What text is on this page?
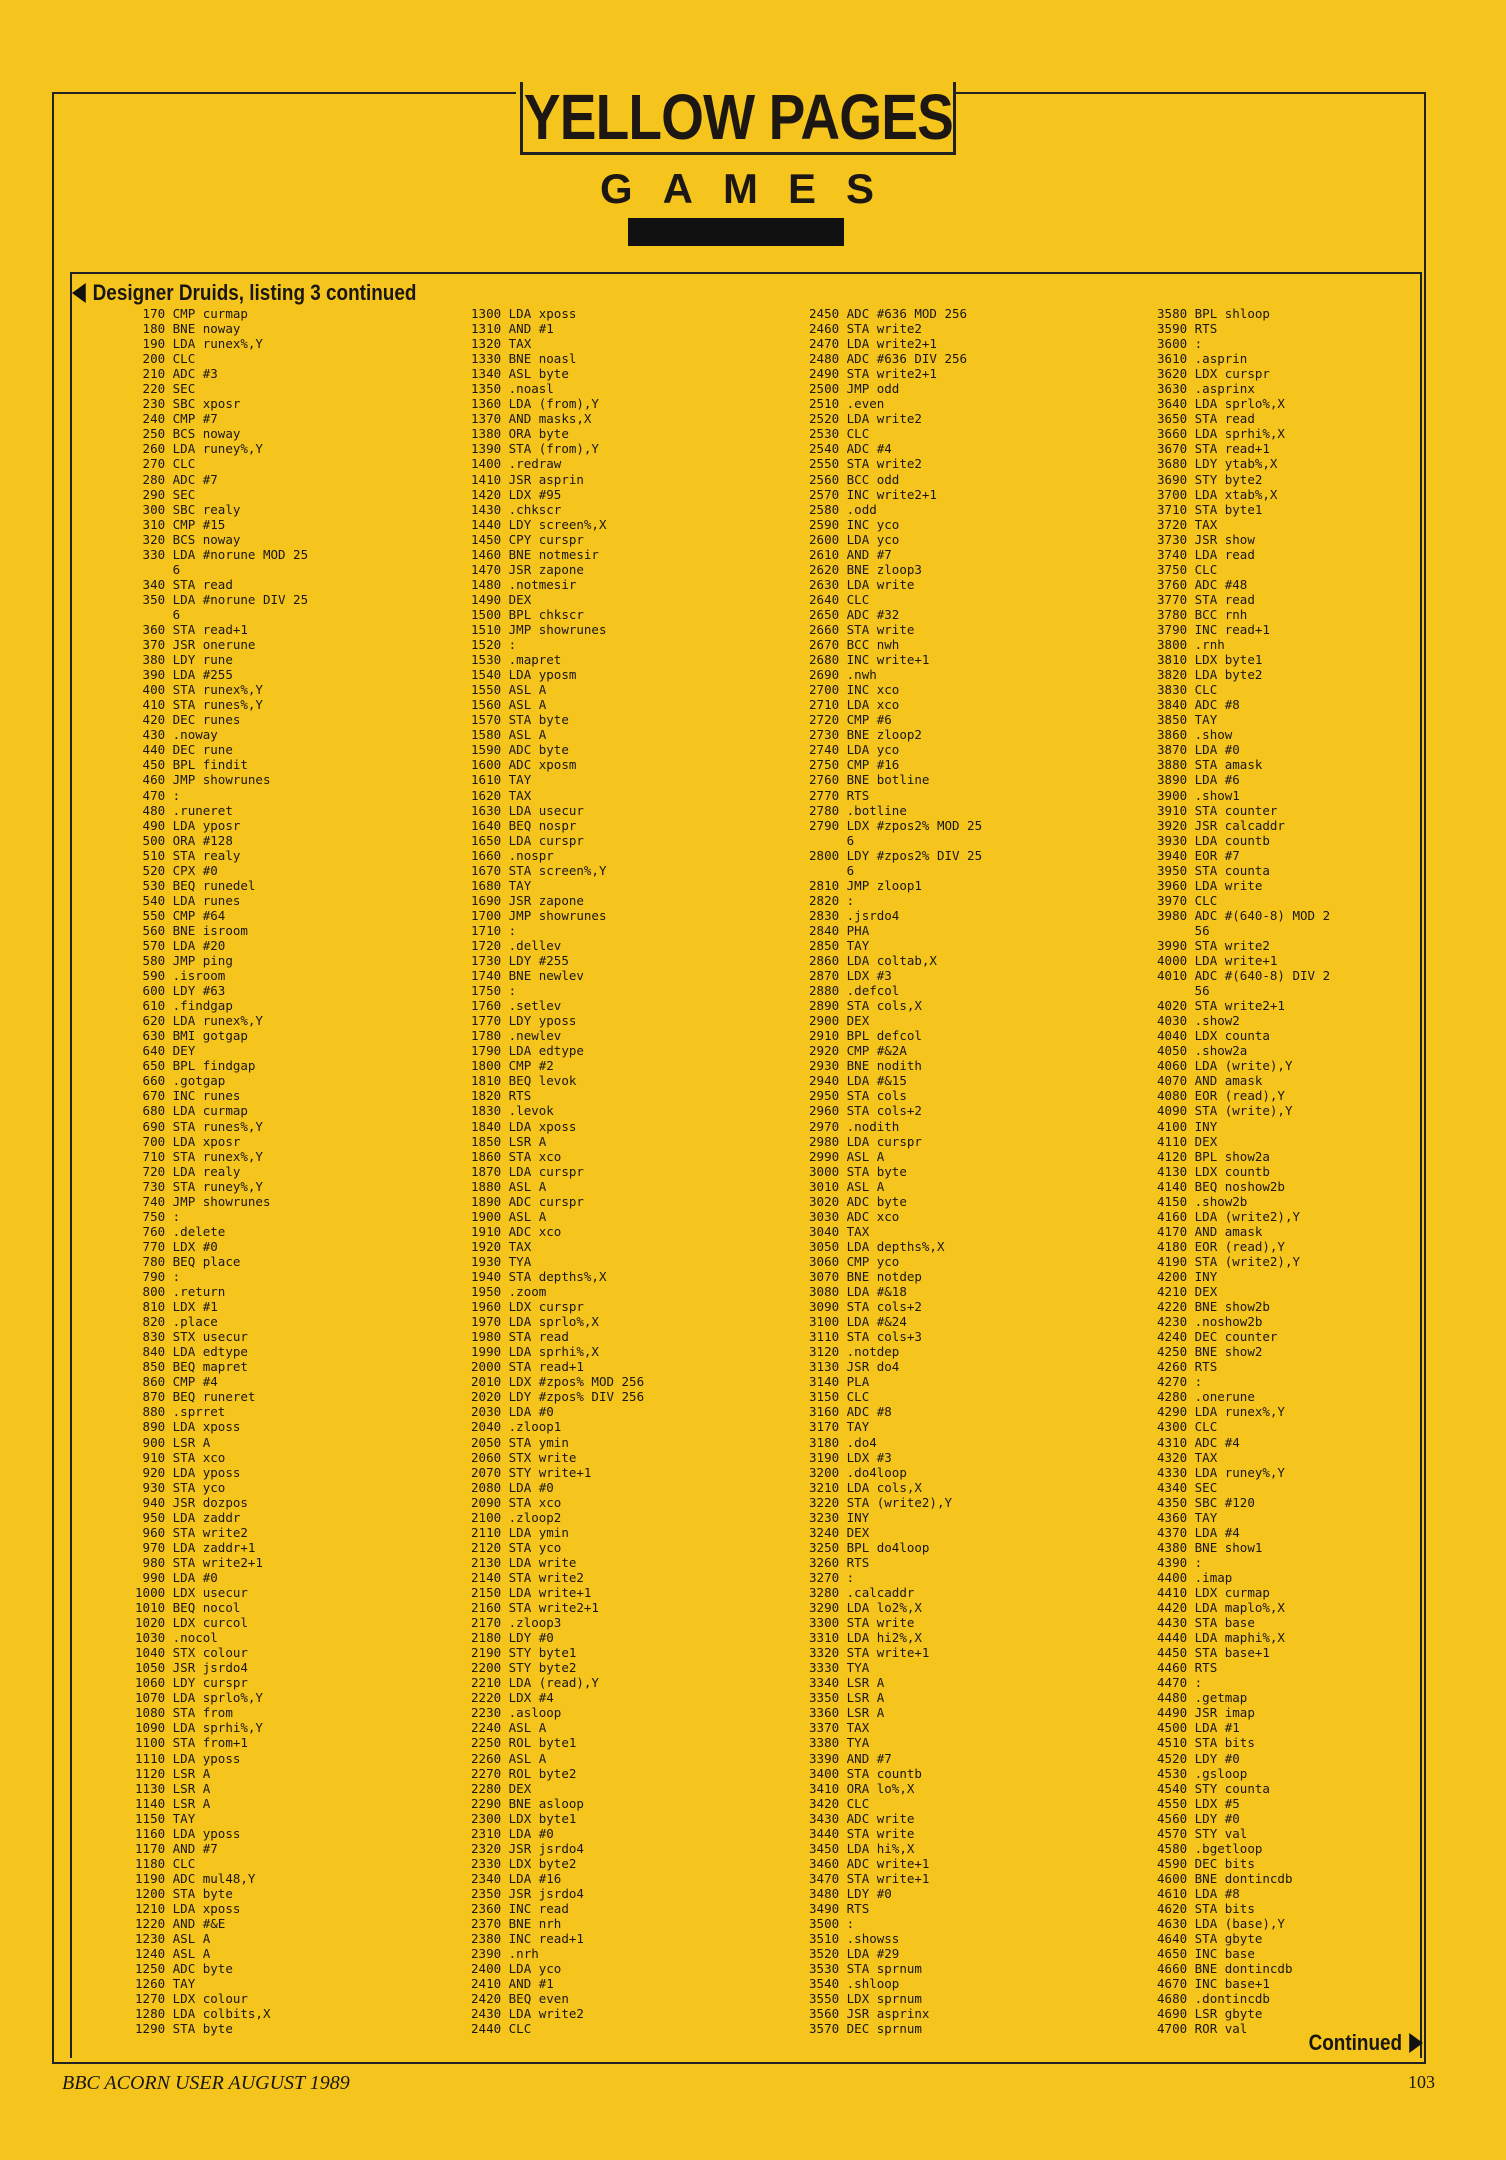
YELLOW PAGES
GAMES
Designer Druids, listing 3 continued
170 CMP curmap
180 BNE noway
190 LDA runex%,Y
200 CLC
210 ADC #3
220 SEC
230 SBC xposr
240 CMP #7
250 BCS noway
260 LDA runey%,Y
270 CLC
280 ADC #7
290 SEC
300 SBC realy
310 CMP #15
320 BCS noway
330 LDA #norune MOD 25
6
340 STA read
350 LDA #norune DIV 25
6
360 STA read+1
370 JSR onerune
380 LDY rune
390 LDA #255
400 STA runex%,Y
410 STA runes%,Y
420 DEC runes
430 .noway
440 DEC rune
450 BPL findit
460 JMP showrunes
470 :
480 .runeret
490 LDA yposr
500 ORA #128
510 STA realy
520 CPX #0
530 BEQ runedel
540 LDA runes
550 CMP #64
560 BNE isroom
570 LDA #20
580 JMP ping
590 .isroom
600 LDY #63
610 .findgap
620 LDA runex%,Y
630 BMI gotgap
640 DEY
650 BPL findgap
660 .gotgap
670 INC runes
680 LDA curmap
690 STA runes%,Y
700 LDA xposr
710 STA runex%,Y
720 LDA realy
730 STA runey%,Y
740 JMP showrunes
750 :
760 .delete
770 LDX #0
780 BEQ place
790 :
800 .return
810 LDX #1
820 .place
830 STX usecur
840 LDA edtype
850 BEQ mapret
860 CMP #4
870 BEQ runeret
880 .sprret
890 LDA xposs
900 LSR A
910 STA xco
920 LDA yposs
930 STA yco
940 JSR dozpos
950 LDA zaddr
960 STA write2
970 LDA zaddr+1
980 STA write2+1
990 LDA #0
1000 LDX usecur
1010 BEQ nocol
1020 LDX curcol
1030 .nocol
1040 STX colour
1050 JSR jsrdo4
1060 LDY curspr
1070 LDA sprlo%,Y
1080 STA from
1090 LDA sprhi%,Y
1100 STA from+1
1110 LDA yposs
1120 LSR A
1130 LSR A
1140 LSR A
1150 TAY
1160 LDA yposs
1170 AND #7
1180 CLC
1190 ADC mul48,Y
1200 STA byte
1210 LDA xposs
1220 AND #&E
1230 ASL A
1240 ASL A
1250 ADC byte
1260 TAY
1270 LDX colour
1280 LDA colbits,X
1290 STA byte
1300 LDA xposs
1310 AND #1
1320 TAX
1330 BNE noasl
1340 ASL byte
1350 .noasl
1360 LDA (from),Y
1370 AND masks,X
1380 ORA byte
1390 STA (from),Y
1400 .redraw
1410 JSR asprin
1420 LDX #95
1430 .chkscr
1440 LDY screen%,X
1450 CPY curspr
1460 BNE notmesir
1470 JSR zapone
1480 .notmesir
1490 DEX
1500 BPL chkscr
1510 JMP showrunes
1520 :
1530 .mapret
1540 LDA yposm
1550 ASL A
1560 ASL A
1570 STA byte
1580 ASL A
1590 ADC byte
1600 ADC xposm
1610 TAY
1620 TAX
1630 LDA usecur
1640 BEQ nospr
1650 LDA curspr
1660 .nospr
1670 STA screen%,Y
1680 TAY
1690 JSR zapone
1700 JMP showrunes
1710 :
1720 .dellev
1730 LDY #255
1740 BNE newlev
1750 :
1760 .setlev
1770 LDY yposs
1780 .newlev
1790 LDA edtype
1800 CMP #2
1810 BEQ levok
1820 RTS
1830 .levok
1840 LDA xposs
1850 LSR A
1860 STA xco
1870 LDA curspr
1880 ASL A
1890 ADC curspr
1900 ASL A
1910 ADC xco
1920 TAX
1930 TYA
1940 STA depths%,X
1950 .zoom
1960 LDX curspr
1970 LDA sprlo%,X
1980 STA read
1990 LDA sprhi%,X
2000 STA read+1
2010 LDX #zpos% MOD 256
2020 LDY #zpos% DIV 256
2030 LDA #0
2040 .zloop1
2050 STA ymin
2060 STX write
2070 STY write+1
2080 LDA #0
2090 STA xco
2100 .zloop2
2110 LDA ymin
2120 STA yco
2130 LDA write
2140 STA write2
2150 LDA write+1
2160 STA write2+1
2170 .zloop3
2180 LDY #0
2190 STY byte1
2200 STY byte2
2210 LDA (read),Y
2220 LDX #4
2230 .asloop
2240 ASL A
2250 ROL byte1
2260 ASL A
2270 ROL byte2
2280 DEX
2290 BNE asloop
2300 LDX byte1
2310 LDA #0
2320 JSR jsrdo4
2330 LDX byte2
2340 LDA #16
2350 JSR jsrdo4
2360 INC read
2370 BNE nrh
2380 INC read+1
2390 .nrh
2400 LDA yco
2410 AND #1
2420 BEQ even
2430 LDA write2
2440 CLC
2450 ADC #636 MOD 256
2460 STA write2
2470 LDA write2+1
2480 ADC #636 DIV 256
2490 STA write2+1
2500 JMP odd
2510 .even
2520 LDA write2
2530 CLC
2540 ADC #4
2550 STA write2
2560 BCC odd
2570 INC write2+1
2580 .odd
2590 INC yco
2600 LDA yco
2610 AND #7
2620 BNE zloop3
2630 LDA write
2640 CLC
2650 ADC #32
2660 STA write
2670 BCC nwh
2680 INC write+1
2690 .nwh
2700 INC xco
2710 LDA xco
2720 CMP #6
2730 BNE zloop2
2740 LDA yco
2750 CMP #16
2760 BNE botline
2770 RTS
2780 .botline
2790 LDX #zpos2% MOD 25
6
2800 LDY #zpos2% DIV 25
6
2810 JMP zloop1
2820 :
2830 .jsrdo4
2840 PHA
2850 TAY
2860 LDA coltab,X
2870 LDX #3
2880 .defcol
2890 STA cols,X
2900 DEX
2910 BPL defcol
2920 CMP #&2A
2930 BNE nodith
2940 LDA #&15
2950 STA cols
2960 STA cols+2
2970 .nodith
2980 LDA curspr
2990 ASL A
3000 STA byte
3010 ASL A
3020 ADC byte
3030 ADC xco
3040 TAX
3050 LDA depths%,X
3060 CMP yco
3070 BNE notdep
3080 LDA #&18
3090 STA cols+2
3100 LDA #&24
3110 STA cols+3
3120 .notdep
3130 JSR do4
3140 PLA
3150 CLC
3160 ADC #8
3170 TAY
3180 .do4
3190 LDX #3
3200 .do4loop
3210 LDA cols,X
3220 STA (write2),Y
3230 INY
3240 DEX
3250 BPL do4loop
3260 RTS
3270 :
3280 .calcaddr
3290 LDA lo2%,X
3300 STA write
3310 LDA hi2%,X
3320 STA write+1
3330 TYA
3340 LSR A
3350 LSR A
3360 LSR A
3370 TAX
3380 TYA
3390 AND #7
3400 STA countb
3410 ORA lo%,X
3420 CLC
3430 ADC write
3440 STA write
3450 LDA hi%,X
3460 ADC write+1
3470 STA write+1
3480 LDY #0
3490 RTS
3500 :
3510 .showss
3520 LDA #29
3530 STA sprnum
3540 .shloop
3550 LDX sprnum
3560 JSR asprinx
3570 DEC sprnum
3580 BPL shloop
3590 RTS
3600 :
3610 .asprin
3620 LDX curspr
3630 .asprinx
3640 LDA sprlo%,X
3650 STA read
3660 LDA sprhi%,X
3670 STA read+1
3680 LDY ytab%,X
3690 STY byte2
3700 LDA xtab%,X
3710 STA byte1
3720 TAX
3730 JSR show
3740 LDA read
3750 CLC
3760 ADC #48
3770 STA read
3780 BCC rnh
3790 INC read+1
3800 .rnh
3810 LDX byte1
3820 LDA byte2
3830 CLC
3840 ADC #8
3850 TAY
3860 .show
3870 LDA #0
3880 STA amask
3890 LDA #6
3900 .show1
3910 STA counter
3920 JSR calcaddr
3930 LDA countb
3940 EOR #7
3950 STA counta
3960 LDA write
3970 CLC
3980 ADC #(640-8) MOD 2
56
3990 STA write2
4000 LDA write+1
4010 ADC #(640-8) DIV 2
56
4020 STA write2+1
4030 .show2
4040 LDX counta
4050 .show2a
4060 LDA (write),Y
4070 AND amask
4080 EOR (read),Y
4090 STA (write),Y
4100 INY
4110 DEX
4120 BPL show2a
4130 LDX countb
4140 BEQ noshow2b
4150 .show2b
4160 LDA (write2),Y
4170 AND amask
4180 EOR (read),Y
4190 STA (write2),Y
4200 INY
4210 DEX
4220 BNE show2b
4230 .noshow2b
4240 DEC counter
4250 BNE show2
4260 RTS
4270 :
4280 .onerune
4290 LDA runex%,Y
4300 CLC
4310 ADC #4
4320 TAX
4330 LDA runey%,Y
4340 SEC
4350 SBC #120
4360 TAY
4370 LDA #4
4380 BNE show1
4390 :
4400 .imap
4410 LDX curmap
4420 LDA maplo%,X
4430 STA base
4440 LDA maphi%,X
4450 STA base+1
4460 RTS
4470 :
4480 .getmap
4490 JSR imap
4500 LDA #1
4510 STA bits
4520 LDY #0
4530 .gsloop
4540 STY counta
4550 LDX #5
4560 LDY #0
4570 STY val
4580 .bgetloop
4590 DEC bits
4600 BNE dontincdb
4610 LDA #8
4620 STA bits
4630 LDA (base),Y
4640 STA gbyte
4650 INC base
4660 BNE dontincdb
4670 INC base+1
4680 .dontincdb
4690 LSR gbyte
4700 ROR val
Continued
BBC ACORN USER AUGUST 1989	103
